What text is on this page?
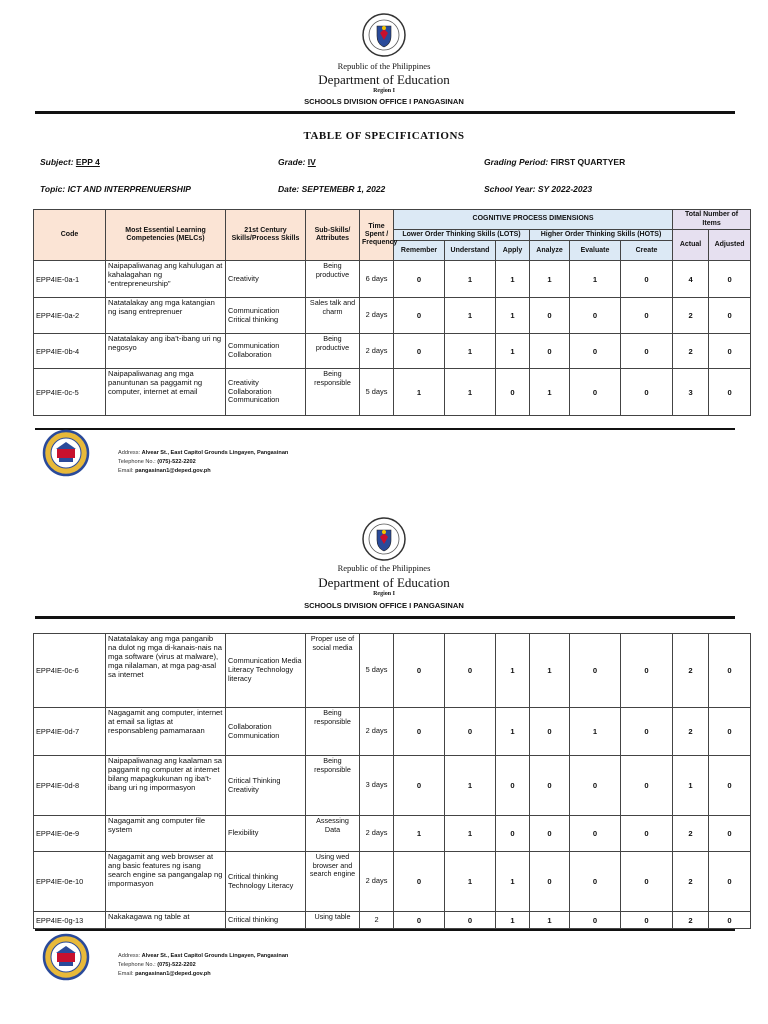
Republic of the Philippines
Department of Education
Region I
SCHOOLS DIVISION OFFICE I PANGASINAN
TABLE OF SPECIFICATIONS
Subject: EPP 4	Grade: IV	Grading Period: FIRST QUARTYER
Topic: ICT AND INTERPRENUERSHIP	Date: SEPTEMEBR 1, 2022	School Year: SY 2022-2023
Code	Most Essential Learning Competencies (MELCs)	21st Century Skills/Process Skills	Sub-Skills/ Attributes	Time Spent / Frequency	COGNITIVE PROCESS DIMENSIONS						Total Number of Items	
					Lower Order Thinking Skills (LOTS)			Higher Order Thinking Skills (HOTS)			Actual	Adjusted
					Remember	Understand	Apply	Analyze	Evaluate	Create		
EPP4IE-0a-1	Naipapaliwanag ang kahulugan at kahalagahan ng “entrepreneurship”	Creativity	Being productive	6 days	0	1	1	1	1	0	4	0
EPP4IE-0a-2	Natatalakay ang mga katangian ng isang entreprenuer	Communication Critical thinking	Sales talk and charm	2 days	0	1	1	0	0	0	2	0
EPP4IE-0b-4	Natatalakay ang iba’t-ibang uri ng negosyo	Communication Collaboration	Being productive	2 days	0	1	1	0	0	0	2	0
EPP4IE-0c-5	Naipapaliwanag ang mga panuntunan sa paggamit ng computer, internet at email	Creativity Collaboration Communication	Being responsible	5 days	1	1	0	1	0	0	3	0
Address: Alvear St., East Capitol Grounds Lingayen, Pangasinan
Telephone No.: (075)-522-2202
Email: pangasinan1@deped.gov.ph
Republic of the Philippines
Department of Education
Region I
SCHOOLS DIVISION OFFICE I PANGASINAN
EPP4IE-0c-6	Natatalakay ang mga panganib na dulot ng mga di-kanais-nais na mga software (virus at malware), mga nilalaman, at mga pag-asal sa internet	Communication Media Literacy Technology literacy	Proper use of social media	5 days	0	0	1	1	0	0	2	0
EPP4IE-0d-7	Nagagamit ang computer, internet at email sa ligtas at responsableng pamamaraan	Collaboration Communication	Being responsible	2 days	0	0	1	0	1	0	2	0
EPP4IE-0d-8	Naipapaliwanag ang kaalaman sa paggamit ng computer at internet bilang mapagkukunan ng iba’t-ibang uri ng impormasyon	Critical Thinking Creativity	Being responsible	3 days	0	1	0	0	0	0	1	0
EPP4IE-0e-9	Nagagamit ang computer file system	Flexibility	Assessing Data	2 days	1	1	0	0	0	0	2	0
EPP4IE-0e-10	Nagagamit ang web browser at ang basic features ng isang search engine sa pangangalap ng impormasyon	Critical thinking Technology Literacy	Using wed browser and search engine	2 days	0	1	1	0	0	0	2	0
EPP4IE-0g-13	Nakakagawa ng table at	Critical thinking	Using table	2	0	0	1	1	0	0	2	0
Address: Alvear St., East Capitol Grounds Lingayen, Pangasinan
Telephone No.: (075)-522-2202
Email: pangasinan1@deped.gov.ph
